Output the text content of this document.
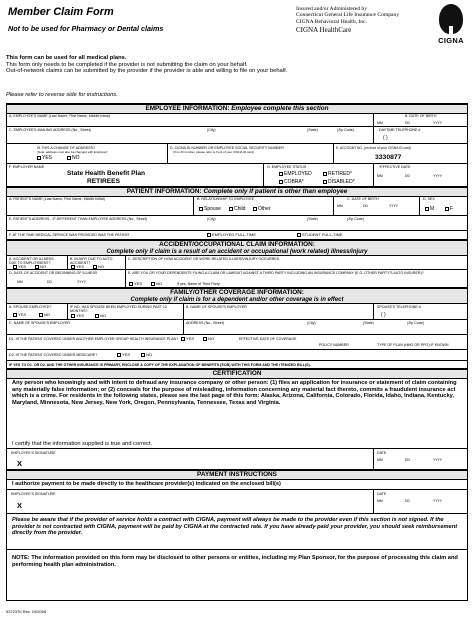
Member Claim Form
Not to be used for Pharmacy or Dental claims
Insured and/or Administered by
Connecticut General Life Insurance Company
CIGNA Behavioral Health, Inc.
CIGNA HealthCare
CIGNA
This form can be used for all medical plans.
This form only needs to be completed if the provider is not submitting the claim on your behalf.
Out-of-network claims can be submitted by the provider if the provider is able and willing to file on your behalf.
Please refer to reverse side for instructions.
EMPLOYEE INFORMATION: Employee complete this section
A. EMPLOYEE'S NAME (Last Name, First Name, Middle Initial)	B. DATE OF BIRTH
MM	DD	YYYY
C. EMPLOYEE'S MAILING ADDRESS (No., Street)	(City)	(State)	(Zip Code)	DAYTIME TELEPHONE #
( )
IS THIS A CHANGE OF ADDRESS?
(Note: address must also be changed with Employer)
YES	NO
D. CIGNA ID NUMBER OR EMPLOYEE SOCIAL SECURITY NUMBER
(If no ID number, please refer to front of your CIGNA ID card)
E. ACCOUNT NO. (on front of your CIGNA ID card)
3330877
F. EMPLOYER NAME
State Health Benefit Plan
RETIREES
G. EMPLOYEE STATUS
EMPLOYED	RETIRED*
COBRA*	DISABLED*
*EFFECTIVE DATE
MM	DD	YYYY
PATIENT INFORMATION: Complete only if patient is other than employee
A. PATIENT'S NAME (Last Name, First Name, Middle Initial)	B. RELATIONSHIP TO EMPLOYEE
Spouse	Child	Other
C. DATE OF BIRTH
MM	DD	YYYY
D. SEX
M	F
E. PATIENT'S ADDRESS - IF DIFFERENT THAN EMPLOYEE ADDRESS (No., Street)	(City)	(State)	(Zip Code)
F. AT THE TIME MEDICAL SERVICE WAS PROVIDED WAS THE PATIENT	EMPLOYED FULL-TIME	STUDENT FULL-TIME
ACCIDENT/OCCUPATIONAL CLAIM INFORMATION:
Complete only if claim is a result of an accident or occupational (work related) illness/injury
A. ACCIDENT OR ILLNESS DUE TO EMPLOYMENT?
YES	NO
B. INJURY DUE TO AUTO ACCIDENT?
YES	NO
C. DESCRIPTION OF HOW ACCIDENT OR WORK RELATED ILLNESS/INJURY OCCURRED
D. DATE OF ACCIDENT OR BEGINNING OF ILLNESS
MM	DD	YYYY
E. ARE YOU OR YOUR DEPENDENTS FILING A CLAIM OR LAWSUIT AGAINST A THIRD PARTY INCLUDING AN INSURANCE COMPANY (E.G. OTHER PARTY'S AUTO INSURER)?
YES	NO	If yes, Name of Third Party:
FAMILY/OTHER COVERAGE INFORMATION:
Complete only if claim is for a dependent and/or other coverage is in effect
A. SPOUSE EMPLOYED?
YES	NO
IF NO, HAS SPOUSE BEEN EMPLOYED DURING PAST 12 MONTHS?
YES	NO
B. NAME OF SPOUSE'S EMPLOYER	SPOUSE'S TELEPHONE #
( )
C. NAME OF SPOUSE'S EMPLOYER	ADDRESS (No., Street)	(City)	(State)	(Zip Code)
D1. IS THE PATIENT COVERED UNDER ANOTHER EMPLOYER GROUP HEALTH INSURANCE PLAN?	YES	NO	EFFECTIVE DATE OF COVERAGE
POLICY NUMBER	TYPE OF PLAN (HMO OR PPO) IF KNOWN
D2. IS THE PATIENT COVERED UNDER MEDICARE?	YES	NO
IF YES TO D1. OR D2. AND THE OTHER INSURANCE IS PRIMARY, ENCLOSE A COPY OF THE EXPLANATION OF BENEFITS (EOB) WITH THIS FORM AND THE ITEMIZED BILL(S).
CERTIFICATION
Any person who knowingly and with intent to defraud any insurance company or other person: (1) files an application for insurance or statement of claim containing any materially false information; or (2) conceals for the purpose of misleading, information concerning any material fact thereto, commits a fraudulent insurance act which is a crime. For residents in the following states, please see the last page of this form: Alaska, Arizona, California, Colorado, Florida, Idaho, Indiana, Kentucky, Maryland, Minnesota, New Jersey, New York, Oregon, Pennsylvania, Tennessee, Texas and Virginia.
I certify that the information supplied is true and correct.
EMPLOYEE'S SIGNATURE
X
DATE
MM	DD	YYYY
PAYMENT INSTRUCTIONS
I authorize payment to be made directly to the healthcare provider(s) indicated on the enclosed bill(s)
EMPLOYEE'S SIGNATURE
X
DATE
MM	DD	YYYY
Please be aware that if the provider of service holds a contract with CIGNA, payment will always be made to the provider even if this section is not signed. If the provider is not contracted with CIGNA, payment will be paid by CIGNA at the contracted rate. If you have already paid your provider, you should seek reimbursement directly from the provider.
NOTE: The information provided on this form may be disclosed to other persons or entities, including my Plan Sponsor, for the purpose of processing this claim and performing health plan administration.
537237b Rev. 10/2008
